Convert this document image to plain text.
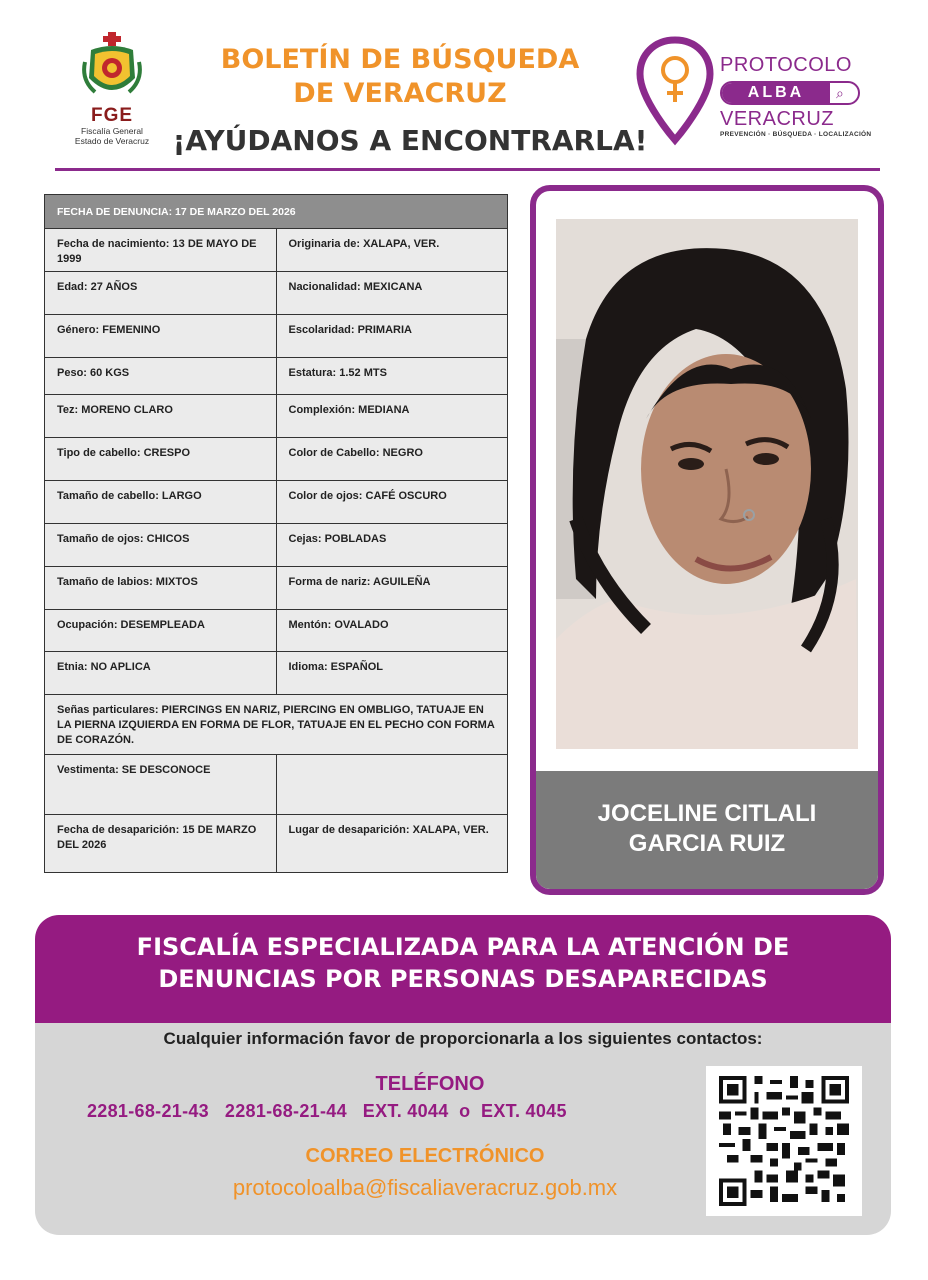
FGE
Fiscalía General
Estado de Veracruz
BOLETÍN DE BÚSQUEDA
DE VERACRUZ
¡AYÚDANOS A ENCONTRARLA!
PROTOCOLO
ALBA	⌕
VERACRUZ
PREVENCIÓN · BÚSQUEDA · LOCALIZACIÓN
FECHA DE DENUNCIA: 17 DE MARZO DEL 2026	
Fecha de nacimiento: 13 DE MAYO DE 1999	Originaria de: XALAPA, VER.
Edad: 27 AÑOS	Nacionalidad: MEXICANA
Género: FEMENINO	Escolaridad: PRIMARIA
Peso: 60 KGS	Estatura: 1.52 MTS
Tez: MORENO CLARO	Complexión: MEDIANA
Tipo de cabello: CRESPO	Color de Cabello: NEGRO
Tamaño de cabello: LARGO	Color de ojos: CAFÉ OSCURO
Tamaño de ojos: CHICOS	Cejas: POBLADAS
Tamaño de labios: MIXTOS	Forma de nariz: AGUILEÑA
Ocupación: DESEMPLEADA	Mentón: OVALADO
Etnia: NO APLICA	Idioma: ESPAÑOL
Señas particulares: PIERCINGS EN NARIZ, PIERCING EN OMBLIGO, TATUAJE EN LA PIERNA IZQUIERDA EN FORMA DE FLOR, TATUAJE EN EL PECHO CON FORMA DE CORAZÓN.	
Vestimenta: SE DESCONOCE	
Fecha de desaparición: 15 DE MARZO DEL 2026	Lugar de desaparición: XALAPA, VER.
JOCELINE CITLALI
GARCIA RUIZ
FISCALÍA ESPECIALIZADA PARA LA ATENCIÓN DE
DENUNCIAS POR PERSONAS DESAPARECIDAS
Cualquier información favor de proporcionarla a los siguientes contactos:
TELÉFONO
2281-68-21-43   2281-68-21-44   EXT. 4044  o  EXT. 4045
CORREO ELECTRÓNICO
protocoloalba@fiscaliaveracruz.gob.mx
